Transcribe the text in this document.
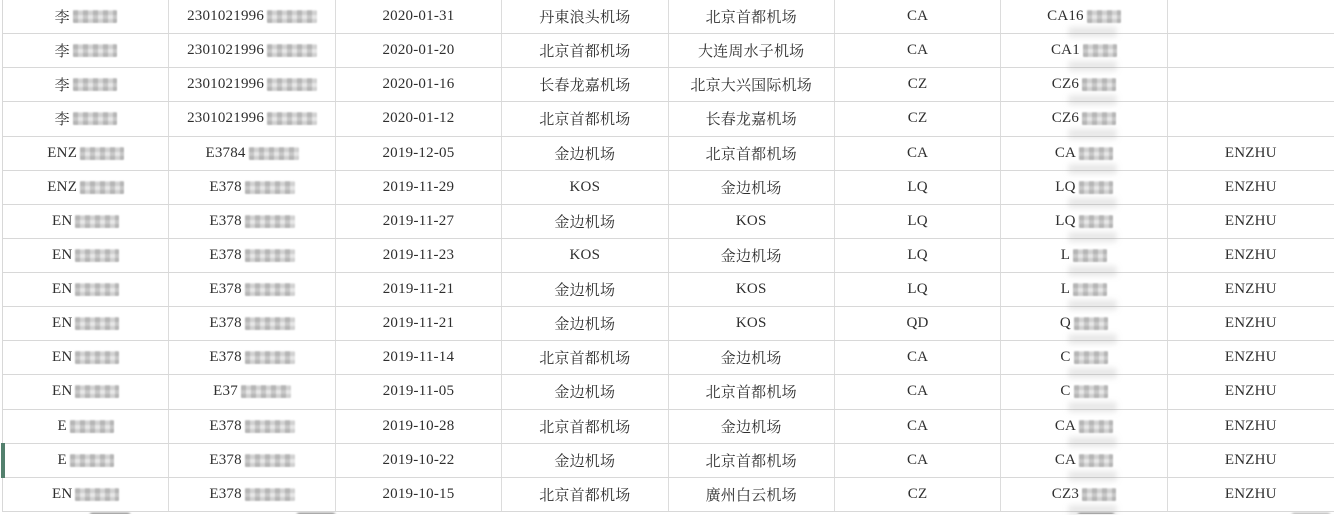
李	2301021996	2020-01-31	丹東浪头机场	北京首都机场	CA	CA16
李	2301021996	2020-01-20	北京首都机场	大连周水子机场	CA	CA1
李	2301021996	2020-01-16	长春龙嘉机场	北京大兴国际机场	CZ	CZ6
李	2301021996	2020-01-12	北京首都机场	长春龙嘉机场	CZ	CZ6
ENZ	E3784	2019-12-05	金边机场	北京首都机场	CA	CA	ENZHU
ENZ	E378	2019-11-29	KOS	金边机场	LQ	LQ	ENZHU
EN	E378	2019-11-27	金边机场	KOS	LQ	LQ	ENZHU
EN	E378	2019-11-23	KOS	金边机场	LQ	L	ENZHU
EN	E378	2019-11-21	金边机场	KOS	LQ	L	ENZHU
EN	E378	2019-11-21	金边机场	KOS	QD	Q	ENZHU
EN	E378	2019-11-14	北京首都机场	金边机场	CA	C	ENZHU
EN	E37	2019-11-05	金边机场	北京首都机场	CA	C	ENZHU
E	E378	2019-10-28	北京首都机场	金边机场	CA	CA	ENZHU
E	E378	2019-10-22	金边机场	北京首都机场	CA	CA	ENZHU
EN	E378	2019-10-15	北京首都机场	廣州白云机场	CZ	CZ3	ENZHU
